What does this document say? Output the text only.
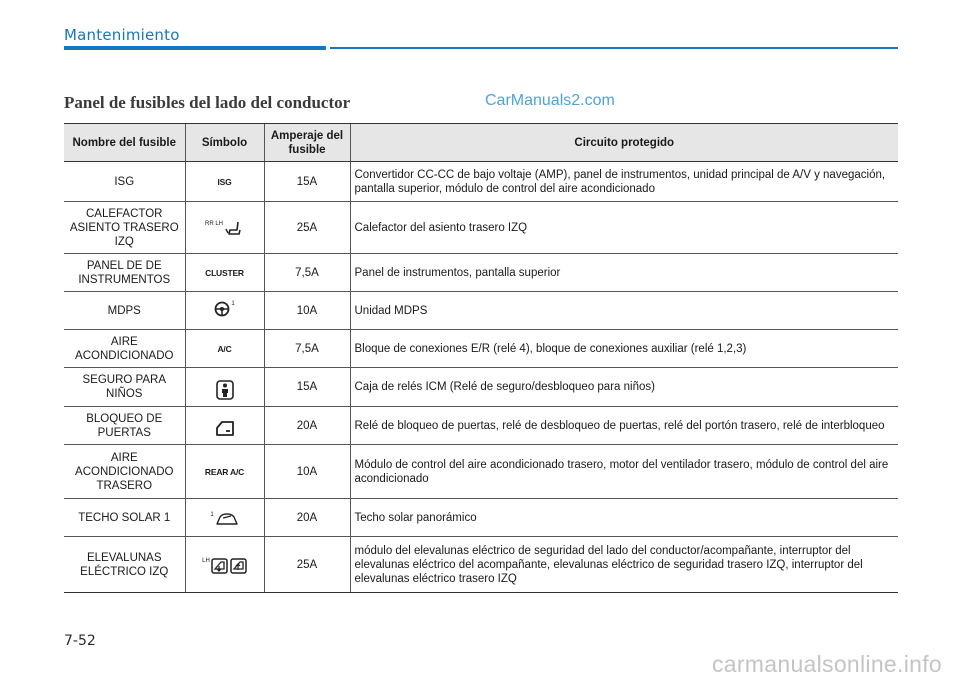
Mantenimiento
Panel de fusibles del lado del conductor	CarManuals2.com
Nombre del fusible	Símbolo	Amperaje del fusible	Circuito protegido
ISG	ISG	15A	Convertidor CC-CC de bajo voltaje (AMP), panel de instrumentos, unidad principal de A/V y navegación, pantalla superior, módulo de control del aire acondicionado
CALEFACTOR ASIENTO TRASERO IZQ	RR LH	25A	Calefactor del asiento trasero IZQ
PANEL DE DE INSTRUMENTOS	CLUSTER	7,5A	Panel de instrumentos, pantalla superior
MDPS	1	10A	Unidad MDPS
AIRE ACONDICIONADO	A/C	7,5A	Bloque de conexiones E/R (relé 4), bloque de conexiones auxiliar (relé 1,2,3)
SEGURO PARA NIÑOS		15A	Caja de relés ICM (Relé de seguro/desbloqueo para niños)
BLOQUEO DE PUERTAS		20A	Relé de bloqueo de puertas, relé de desbloqueo de puertas, relé del portón trasero, relé de interbloqueo
AIRE ACONDICIONADO TRASERO	REAR A/C	10A	Módulo de control del aire acondicionado trasero, motor del ventilador trasero, módulo de control del aire acondicionado
TECHO SOLAR 1	1	20A	Techo solar panorámico
ELEVALUNAS ELÉCTRICO IZQ	LH	25A	módulo del elevalunas eléctrico de seguridad del lado del conductor/acompañante, interruptor del elevalunas eléctrico del acompañante, elevalunas eléctrico de seguridad trasero IZQ, interruptor del elevalunas eléctrico trasero IZQ
7-52
carmanualsonline.info
